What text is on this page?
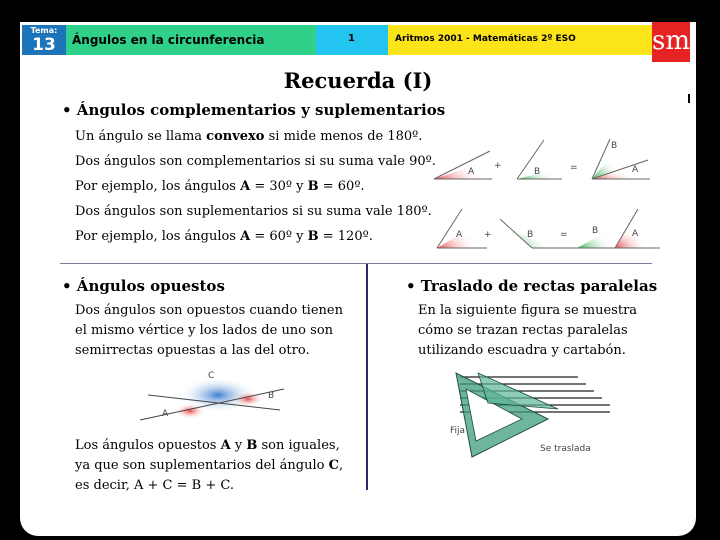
Tema:
13	Ángulos en la circunferencia	1	Aritmos 2001 - Matemáticas 2º ESO	sm
Recuerda (I)
• Ángulos complementarios y suplementarios
Un ángulo se llama convexo si mide menos de 180º.
Dos ángulos son complementarios si su suma vale 90º.
Por ejemplo, los ángulos A = 30º y B = 60º.
Dos ángulos son suplementarios si su suma vale 180º.
Por ejemplo, los ángulos A = 60º y B = 120º.
A
+
B	=
B
A
A +	B	=	B	A
• Ángulos opuestos
Dos ángulos son opuestos cuando tienen
el mismo vértice y los lados de uno son
semirrectas opuestas a las del otro.
C
B
A
Los ángulos opuestos A y B son iguales,
ya que son suplementarios del ángulo C,
es decir, A + C = B + C.
• Traslado de rectas paralelas
En la siguiente figura se muestra
cómo se trazan rectas paralelas
utilizando escuadra y cartabón.
Fija
Se traslada
